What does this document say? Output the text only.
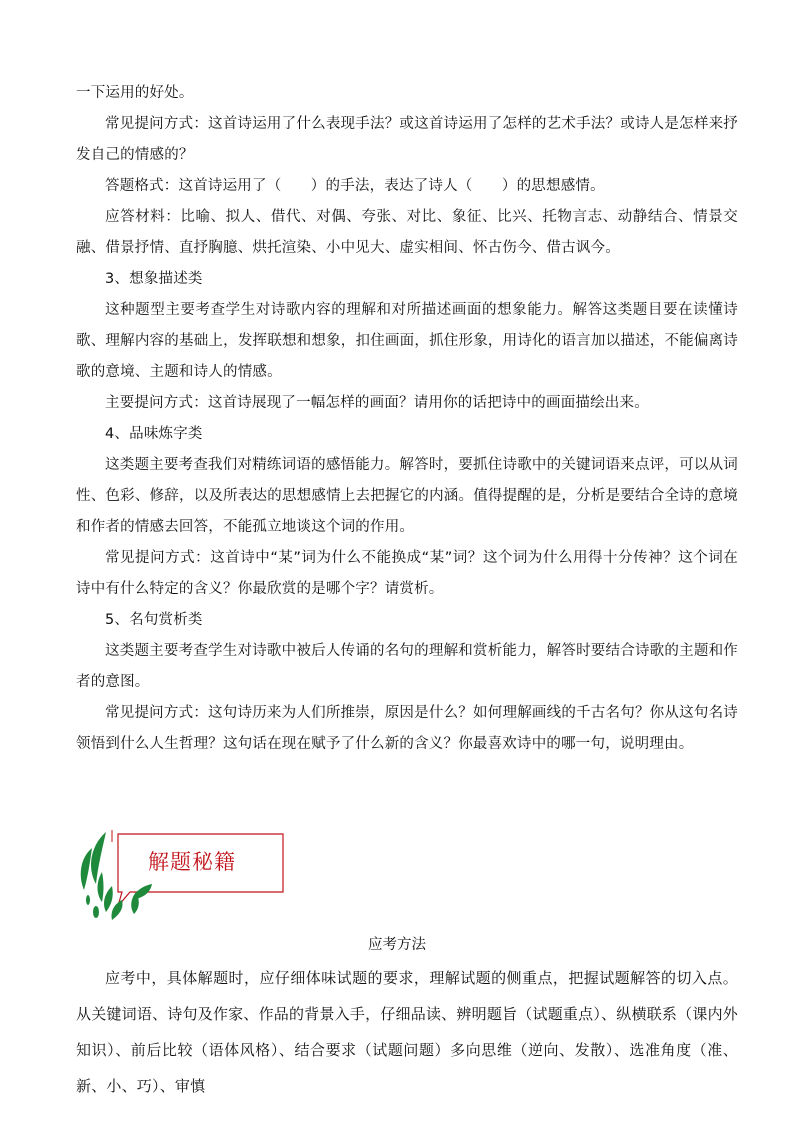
一下运用的好处。

常见提问方式：这首诗运用了什么表现手法？或这首诗运用了怎样的艺术手法？或诗人是怎样来抒发自己的情感的？

答题格式：这首诗运用了（　　）的手法，表达了诗人（　　）的思想感情。

应答材料：比喻、拟人、借代、对偶、夸张、对比、象征、比兴、托物言志、动静结合、情景交融、借景抒情、直抒胸臆、烘托渲染、小中见大、虚实相间、怀古伤今、借古讽今。

3、想象描述类

这种题型主要考查学生对诗歌内容的理解和对所描述画面的想象能力。解答这类题目要在读懂诗歌、理解内容的基础上，发挥联想和想象，扣住画面，抓住形象，用诗化的语言加以描述，不能偏离诗歌的意境、主题和诗人的情感。

主要提问方式：这首诗展现了一幅怎样的画面？请用你的话把诗中的画面描绘出来。

4、品味炼字类

这类题主要考查我们对精练词语的感悟能力。解答时，要抓住诗歌中的关键词语来点评，可以从词性、色彩、修辞，以及所表达的思想感情上去把握它的内涵。值得提醒的是，分析是要结合全诗的意境和作者的情感去回答，不能孤立地谈这个词的作用。

常见提问方式：这首诗中“某”词为什么不能换成“某”词？这个词为什么用得十分传神？这个词在诗中有什么特定的含义？你最欣赏的是哪个字？请赏析。

5、名句赏析类

这类题主要考查学生对诗歌中被后人传诵的名句的理解和赏析能力，解答时要结合诗歌的主题和作者的意图。

常见提问方式：这句诗历来为人们所推崇，原因是什么？如何理解画线的千古名句？你从这句名诗领悟到什么人生哲理？这句话在现在赋予了什么新的含义？你最喜欢诗中的哪一句，说明理由。

解题秘籍
应考方法

应考中，具体解题时，应仔细体味试题的要求，理解试题的侧重点，把握试题解答的切入点。从关键词语、诗句及作家、作品的背景入手，仔细品读、辨明题旨（试题重点）、纵横联系（课内外知识）、前后比较（语体风格）、结合要求（试题问题）多向思维（逆向、发散）、选准角度（准、新、小、巧）、审慎
